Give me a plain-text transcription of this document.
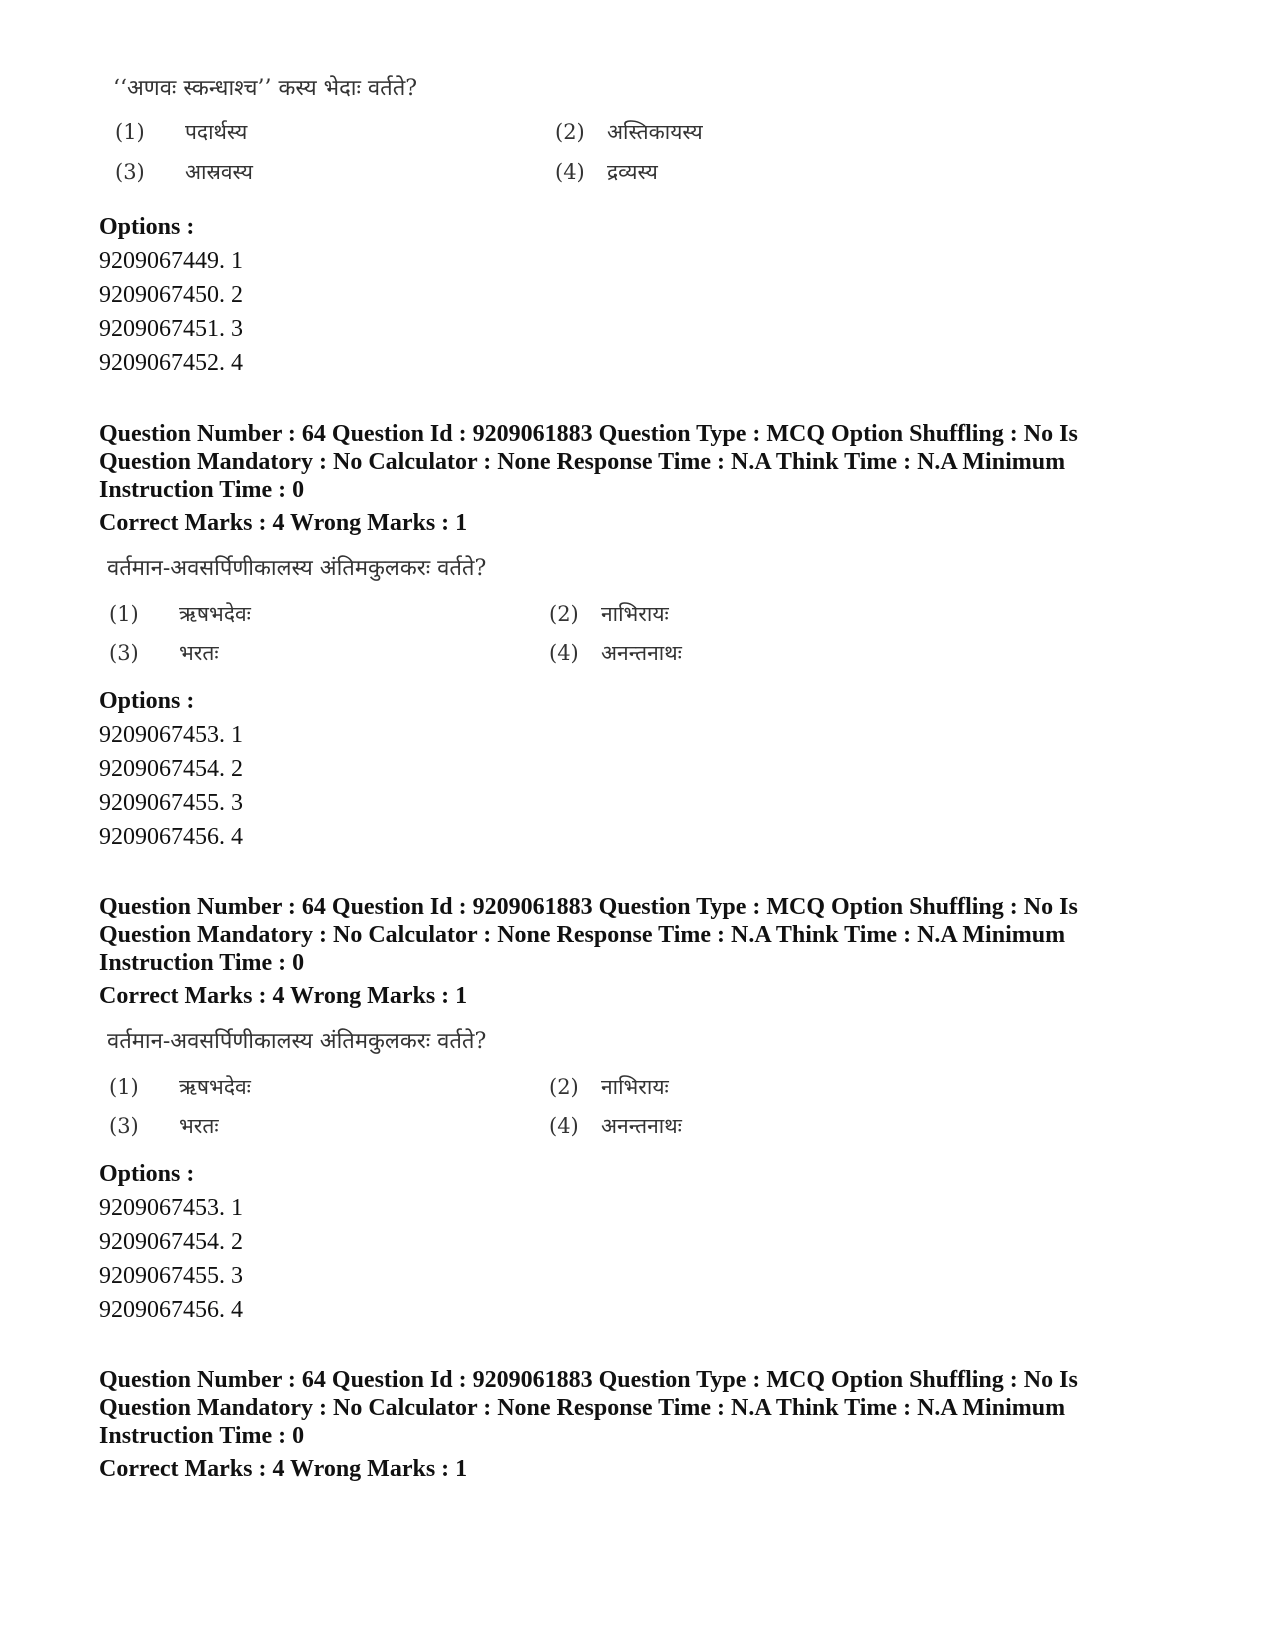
‘‘अणवः स्कन्धाश्च’’ कस्य भेदाः वर्तते?
(1) पदार्थस्य	(2) अस्तिकायस्य
(3) आस्रवस्य	(4) द्रव्यस्य

Options :

9209067449. 1

9209067450. 2

9209067451. 3

9209067452. 4

Question Number : 64 Question Id : 9209061883 Question Type : MCQ Option Shuffling : No Is

Question Mandatory : No Calculator : None Response Time : N.A Think Time : N.A Minimum

Instruction Time : 0

Correct Marks : 4 Wrong Marks : 1

वर्तमान-अवसर्पिणीकालस्य अंतिमकुलकरः वर्तते?
(1) ऋषभदेवः	(2) नाभिरायः
(3) भरतः	(4) अनन्तनाथः

Options :

9209067453. 1

9209067454. 2

9209067455. 3

9209067456. 4

Question Number : 64 Question Id : 9209061883 Question Type : MCQ Option Shuffling : No Is

Question Mandatory : No Calculator : None Response Time : N.A Think Time : N.A Minimum

Instruction Time : 0

Correct Marks : 4 Wrong Marks : 1

वर्तमान-अवसर्पिणीकालस्य अंतिमकुलकरः वर्तते?
(1) ऋषभदेवः	(2) नाभिरायः
(3) भरतः	(4) अनन्तनाथः

Options :

9209067453. 1

9209067454. 2

9209067455. 3

9209067456. 4

Question Number : 64 Question Id : 9209061883 Question Type : MCQ Option Shuffling : No Is

Question Mandatory : No Calculator : None Response Time : N.A Think Time : N.A Minimum

Instruction Time : 0

Correct Marks : 4 Wrong Marks : 1
